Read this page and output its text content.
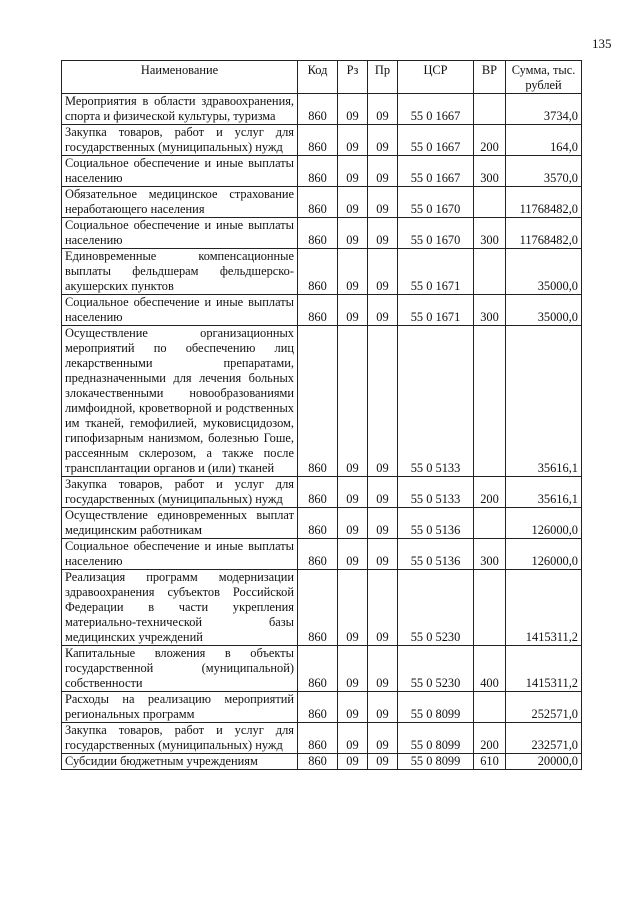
135
Наименование	Код	Рз	Пр	ЦСР	ВР	Сумма, тыс. рублей
Мероприятия в области здравоохранения, спорта и физической культуры, туризма	860	09	09	55 0 1667		3734,0
Закупка товаров, работ и услуг для государственных (муниципальных) нужд	860	09	09	55 0 1667	200	164,0
Социальное обеспечение и иные выплаты населению	860	09	09	55 0 1667	300	3570,0
Обязательное медицинское страхование неработающего населения	860	09	09	55 0 1670		11768482,0
Социальное обеспечение и иные выплаты населению	860	09	09	55 0 1670	300	11768482,0
Единовременные компенсационные выплаты фельдшерам фельдшерско-акушерских пунктов	860	09	09	55 0 1671		35000,0
Социальное обеспечение и иные выплаты населению	860	09	09	55 0 1671	300	35000,0
Осуществление организационных мероприятий по обеспечению лиц лекарственными препаратами, предназначенными для лечения больных злокачественными новообразованиями лимфоидной, кроветворной и родственных им тканей, гемофилией, муковисцидозом, гипофизарным нанизмом, болезнью Гоше, рассеянным склерозом, а также после трансплантации органов и (или) тканей	860	09	09	55 0 5133		35616,1
Закупка товаров, работ и услуг для государственных (муниципальных) нужд	860	09	09	55 0 5133	200	35616,1
Осуществление единовременных выплат медицинским работникам	860	09	09	55 0 5136		126000,0
Социальное обеспечение и иные выплаты населению	860	09	09	55 0 5136	300	126000,0
Реализация программ модернизации здравоохранения субъектов Российской Федерации в части укрепления материально-технической базы медицинских учреждений	860	09	09	55 0 5230		1415311,2
Капитальные вложения в объекты государственной (муниципальной) собственности	860	09	09	55 0 5230	400	1415311,2
Расходы на реализацию мероприятий региональных программ	860	09	09	55 0 8099		252571,0
Закупка товаров, работ и услуг для государственных (муниципальных) нужд	860	09	09	55 0 8099	200	232571,0
Субсидии бюджетным учреждениям	860	09	09	55 0 8099	610	20000,0
